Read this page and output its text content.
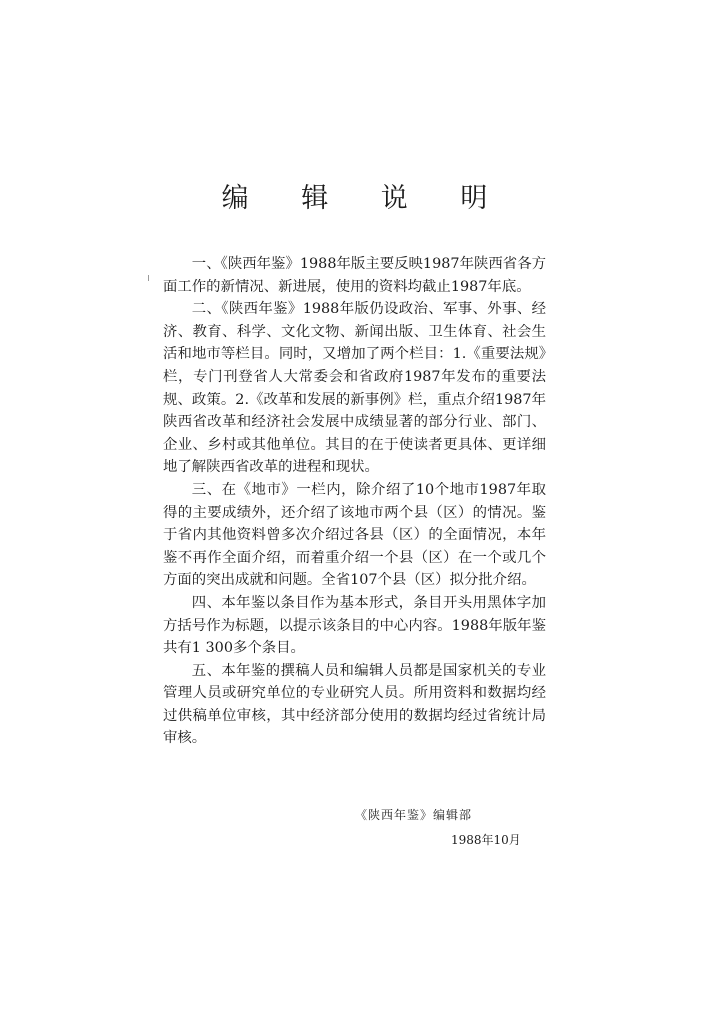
编 辑 说 明

一、《陕西年鉴》1988年版主要反映1987年陕西省各方面工作的新情况、新进展，使用的资料均截止1987年底。

二、《陕西年鉴》1988年版仍设政治、军事、外事、经济、教育、科学、文化文物、新闻出版、卫生体育、社会生活和地市等栏目。同时，又增加了两个栏目：1.《重要法规》栏，专门刊登省人大常委会和省政府1987年发布的重要法规、政策。2.《改革和发展的新事例》栏，重点介绍1987年陕西省改革和经济社会发展中成绩显著的部分行业、部门、企业、乡村或其他单位。其目的在于使读者更具体、更详细地了解陕西省改革的进程和现状。

三、在《地市》一栏内，除介绍了10个地市1987年取得的主要成绩外，还介绍了该地市两个县（区）的情况。鉴于省内其他资料曾多次介绍过各县（区）的全面情况，本年鉴不再作全面介绍，而着重介绍一个县（区）在一个或几个方面的突出成就和问题。全省107个县（区）拟分批介绍。

四、本年鉴以条目作为基本形式，条目开头用黑体字加方括号作为标题，以提示该条目的中心内容。1988年版年鉴共有1 300多个条目。

五、本年鉴的撰稿人员和编辑人员都是国家机关的专业管理人员或研究单位的专业研究人员。所用资料和数据均经过供稿单位审核，其中经济部分使用的数据均经过省统计局审核。

《陕西年鉴》编辑部
1988年10月
